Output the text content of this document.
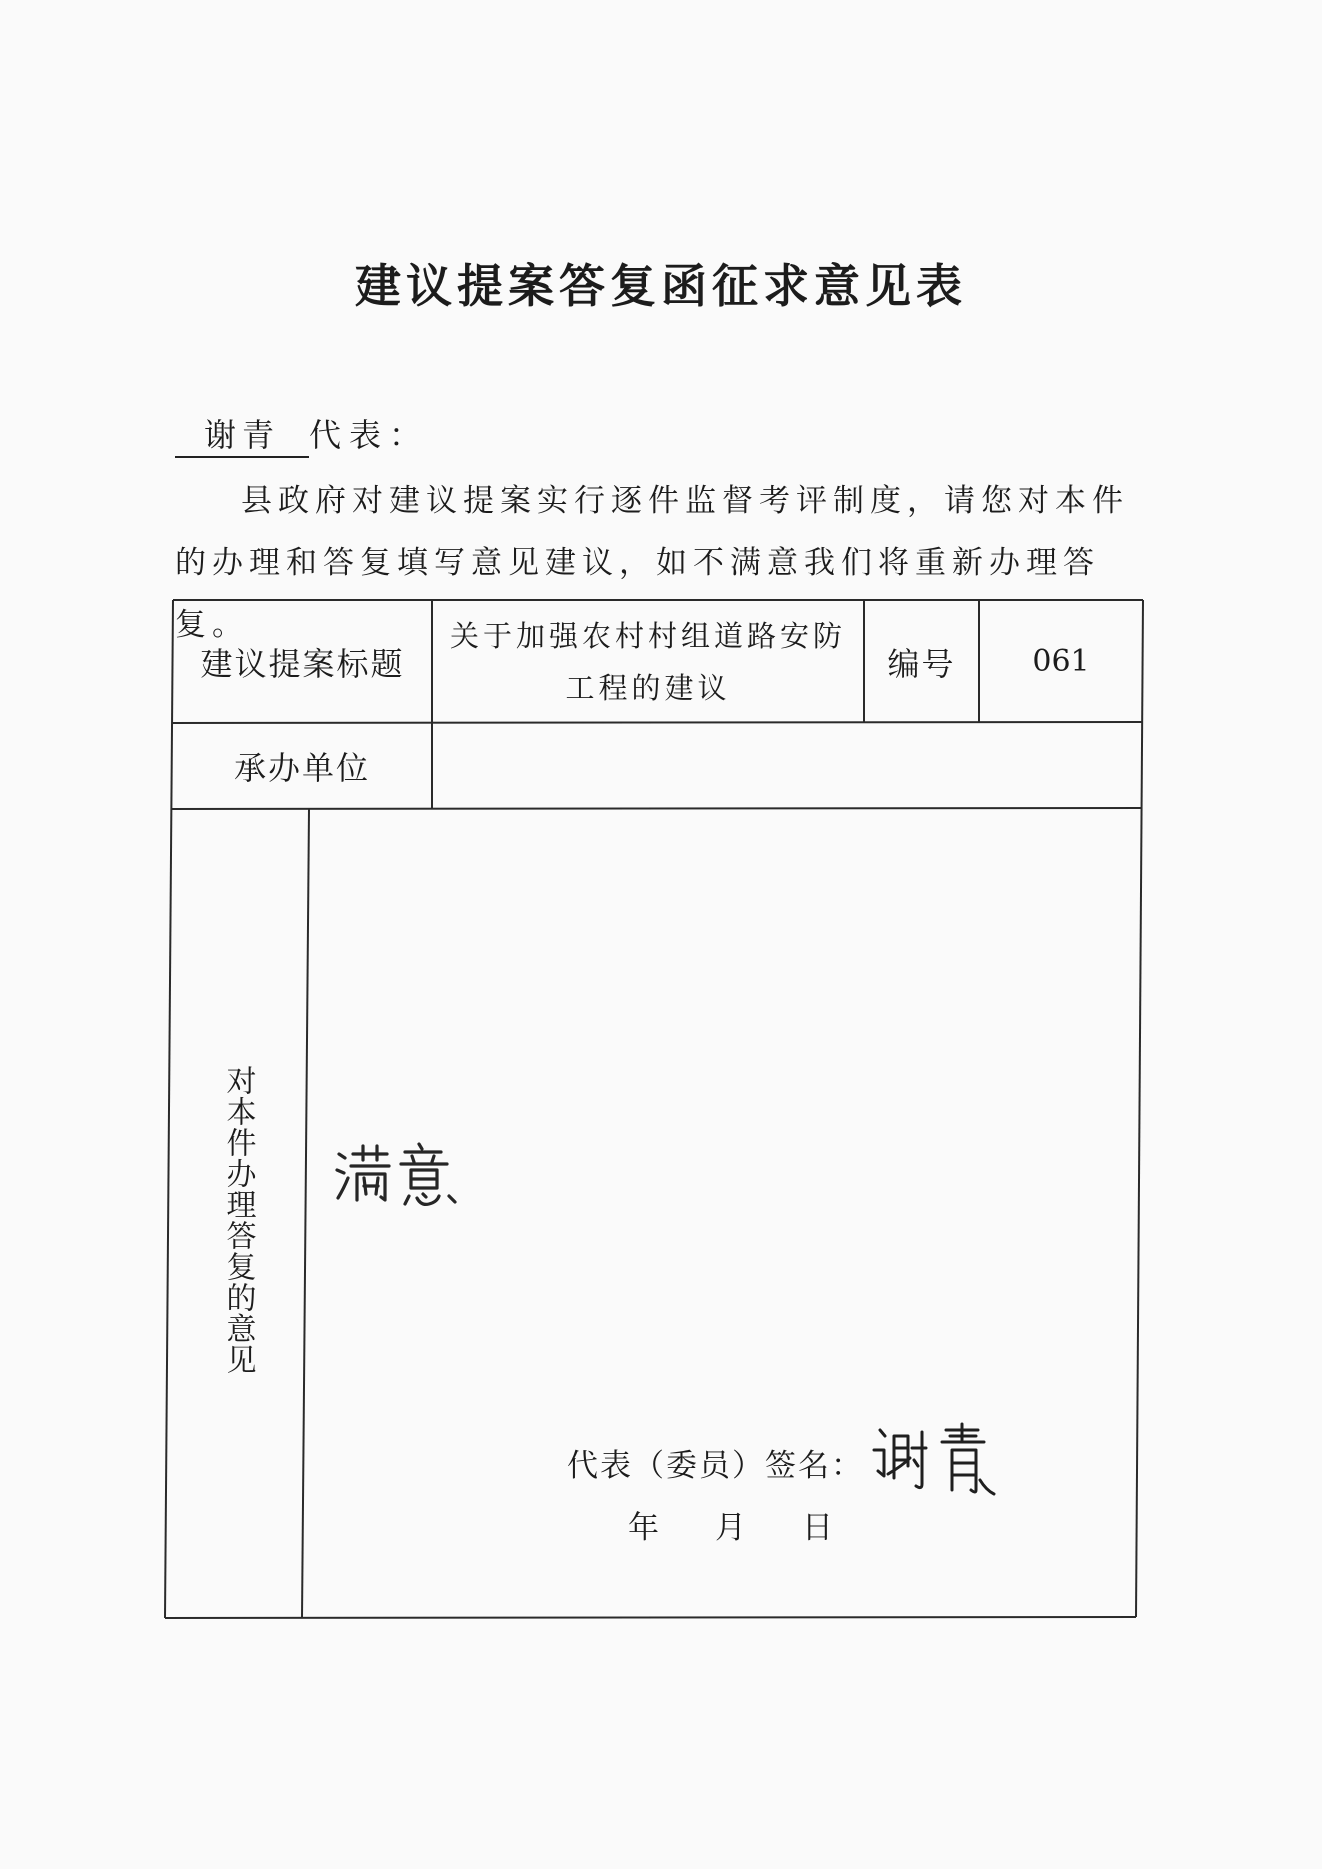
建议提案答复函征求意见表
谢青 代表：
县政府对建议提案实行逐件监督考评制度，请您对本件的办理和答复填写意见建议，如不满意我们将重新办理答复。
建议提案标题
关于加强农村村组道路安防
工程的建议
编号	061
承办单位
对本件办理答复的意见
代表（委员）签名：
年 月 日
